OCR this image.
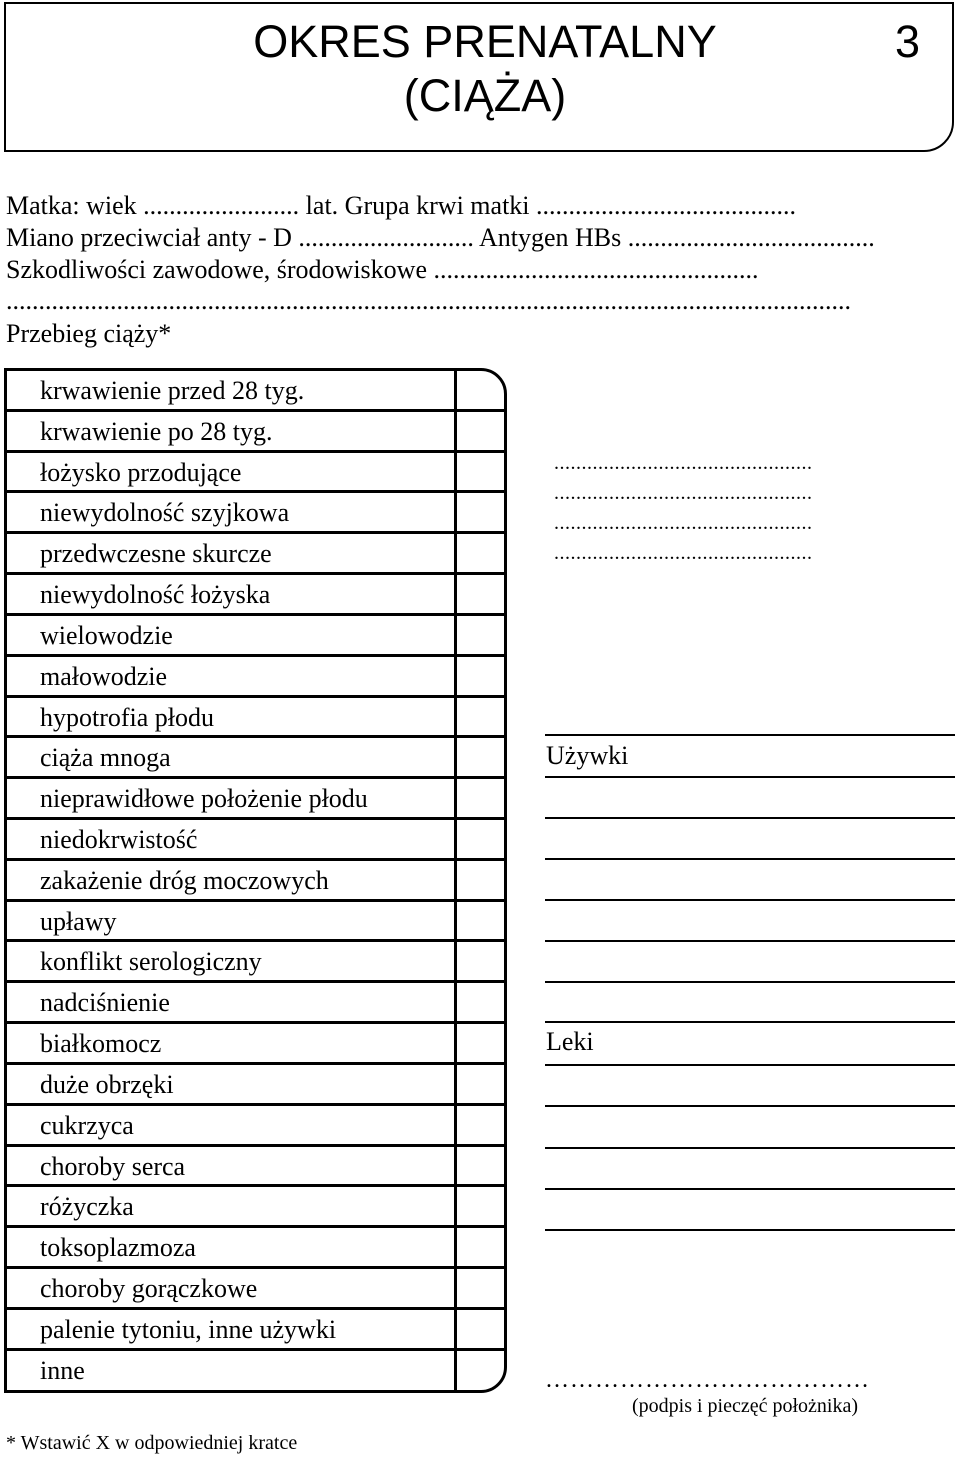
OKRES PRENATALNY
(CIĄŻA)
3
Matka: wiek ........................ lat. Grupa krwi matki ........................................
Miano przeciwciał anty - D ........................... Antygen HBs ......................................
Szkodliwości zawodowe, środowiskowe ..................................................
..................................................................................................................................
Przebieg ciąży*
krwawienie przed 28 tyg.
krwawienie po 28 tyg.
łożysko przodujące
niewydolność szyjkowa
przedwczesne skurcze
niewydolność łożyska
wielowodzie
małowodzie
hypotrofia płodu
ciąża mnoga
nieprawidłowe położenie płodu
niedokrwistość
zakażenie dróg moczowych
upławy
konflikt serologiczny
nadciśnienie
białkomocz
duże obrzęki
cukrzyca
choroby serca
różyczka
toksoplazmoza
choroby gorączkowe
palenie tytoniu, inne używki
inne
...............................................
...............................................
...............................................
...............................................
Używki
Leki
…………………………………
(podpis i pieczęć położnika)
* Wstawić X w odpowiedniej kratce
